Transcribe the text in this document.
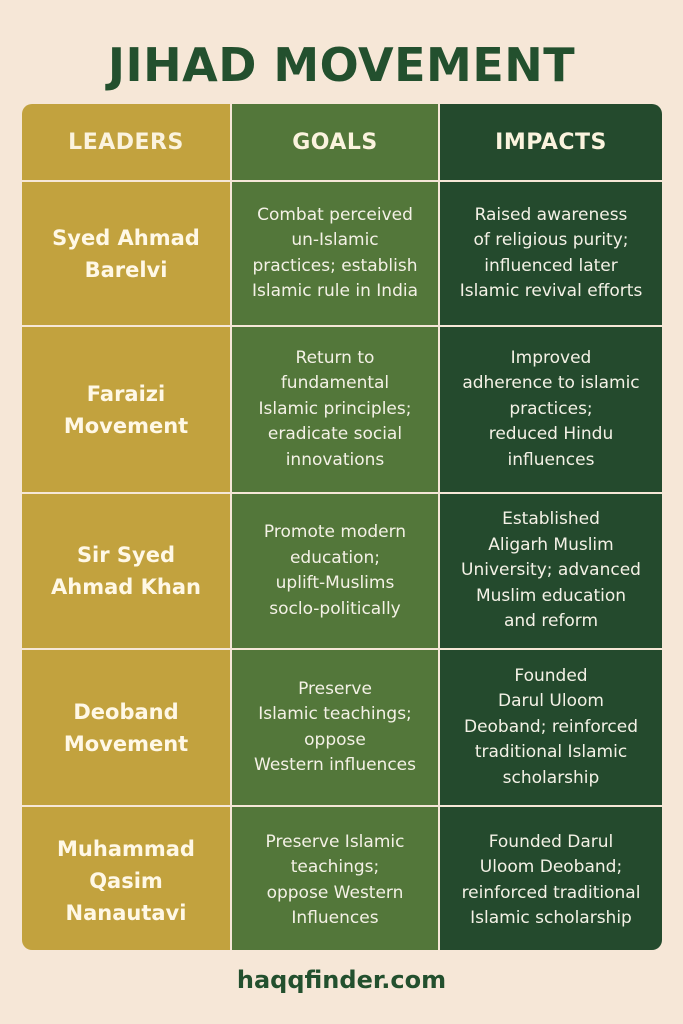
JIHAD MOVEMENT
LEADERS	GOALS	IMPACTS
Syed Ahmad
Barelvi
Combat perceived
un-Islamic
practices; establish
Islamic rule in India
Raised awareness
of religious purity;
influenced later
Islamic revival efforts
Faraizi
Movement
Return to
fundamental
Islamic principles;
eradicate social
innovations
Improved
adherence to islamic
practices;
reduced Hindu
influences
Sir Syed
Ahmad Khan
Promote modern
education;
uplift-Muslims
soclo-politically
Established
Aligarh Muslim
University; advanced
Muslim education
and reform
Deoband
Movement
Preserve
Islamic teachings;
oppose
Western influences
Founded
Darul Uloom
Deoband; reinforced
traditional Islamic
scholarship
Muhammad
Qasim
Nanautavi
Preserve Islamic
teachings;
oppose Western
Influences
Founded Darul
Uloom Deoband;
reinforced traditional
Islamic scholarship
haqqfinder.com
